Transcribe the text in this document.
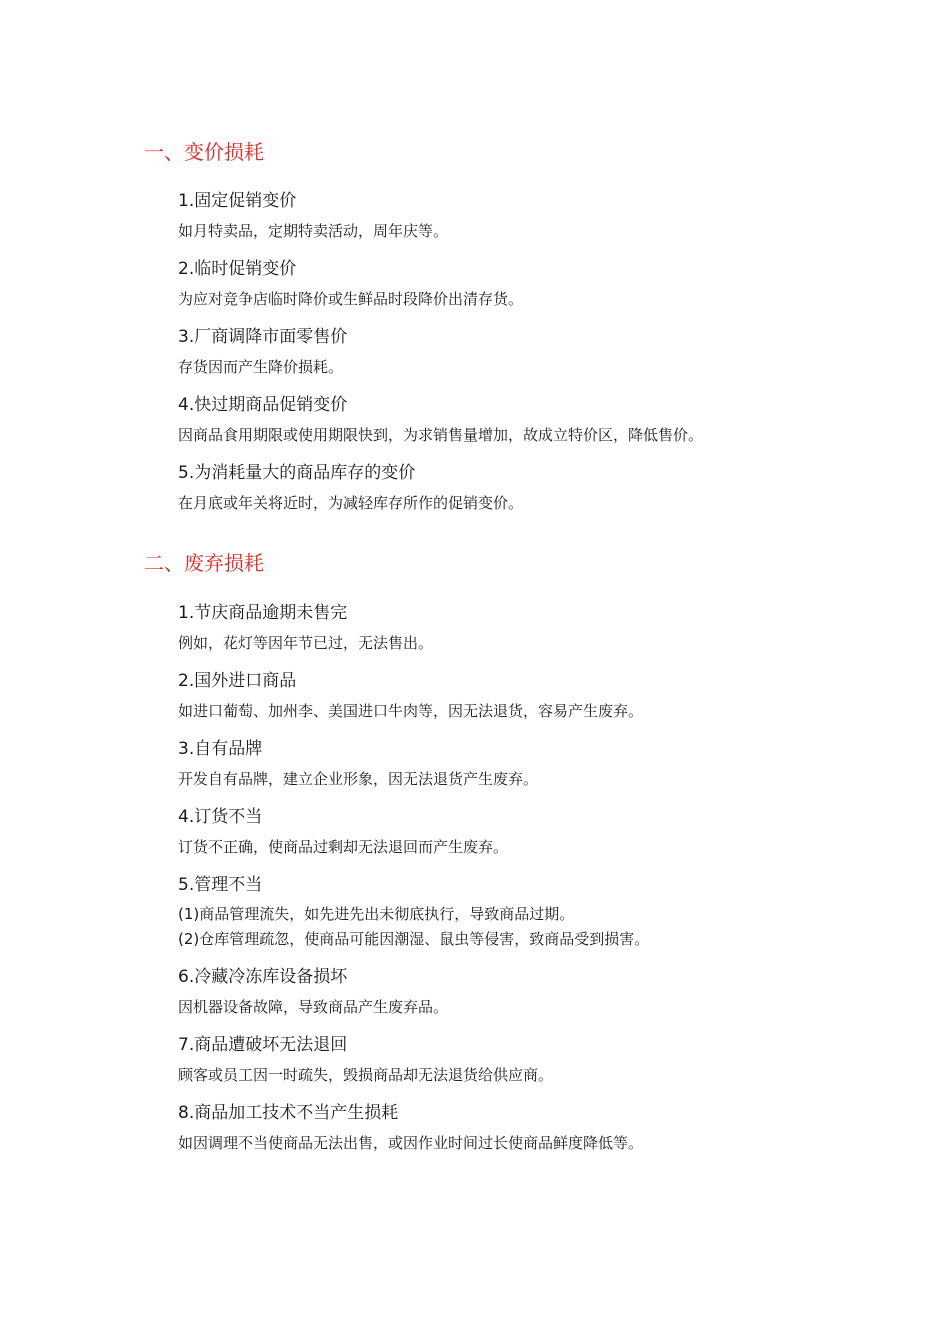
一、变价损耗
1.固定促销变价
如月特卖品，定期特卖活动，周年庆等。
2.临时促销变价
为应对竞争店临时降价或生鲜品时段降价出清存货。
3.厂商调降市面零售价
存货因而产生降价损耗。
4.快过期商品促销变价
因商品食用期限或使用期限快到，为求销售量增加，故成立特价区，降低售价。
5.为消耗量大的商品库存的变价
在月底或年关将近时，为减轻库存所作的促销变价。
二、废弃损耗
1.节庆商品逾期未售完
例如，花灯等因年节已过，无法售出。
2.国外进口商品
如进口葡萄、加州李、美国进口牛肉等，因无法退货，容易产生废弃。
3.自有品牌
开发自有品牌，建立企业形象，因无法退货产生废弃。
4.订货不当
订货不正确，使商品过剩却无法退回而产生废弃。
5.管理不当
(1)商品管理流失，如先进先出未彻底执行，导致商品过期。
(2)仓库管理疏忽，使商品可能因潮湿、鼠虫等侵害，致商品受到损害。
6.冷藏冷冻库设备损坏
因机器设备故障，导致商品产生废弃品。
7.商品遭破坏无法退回
顾客或员工因一时疏失，毁损商品却无法退货给供应商。
8.商品加工技术不当产生损耗
如因调理不当使商品无法出售，或因作业时间过长使商品鲜度降低等。
